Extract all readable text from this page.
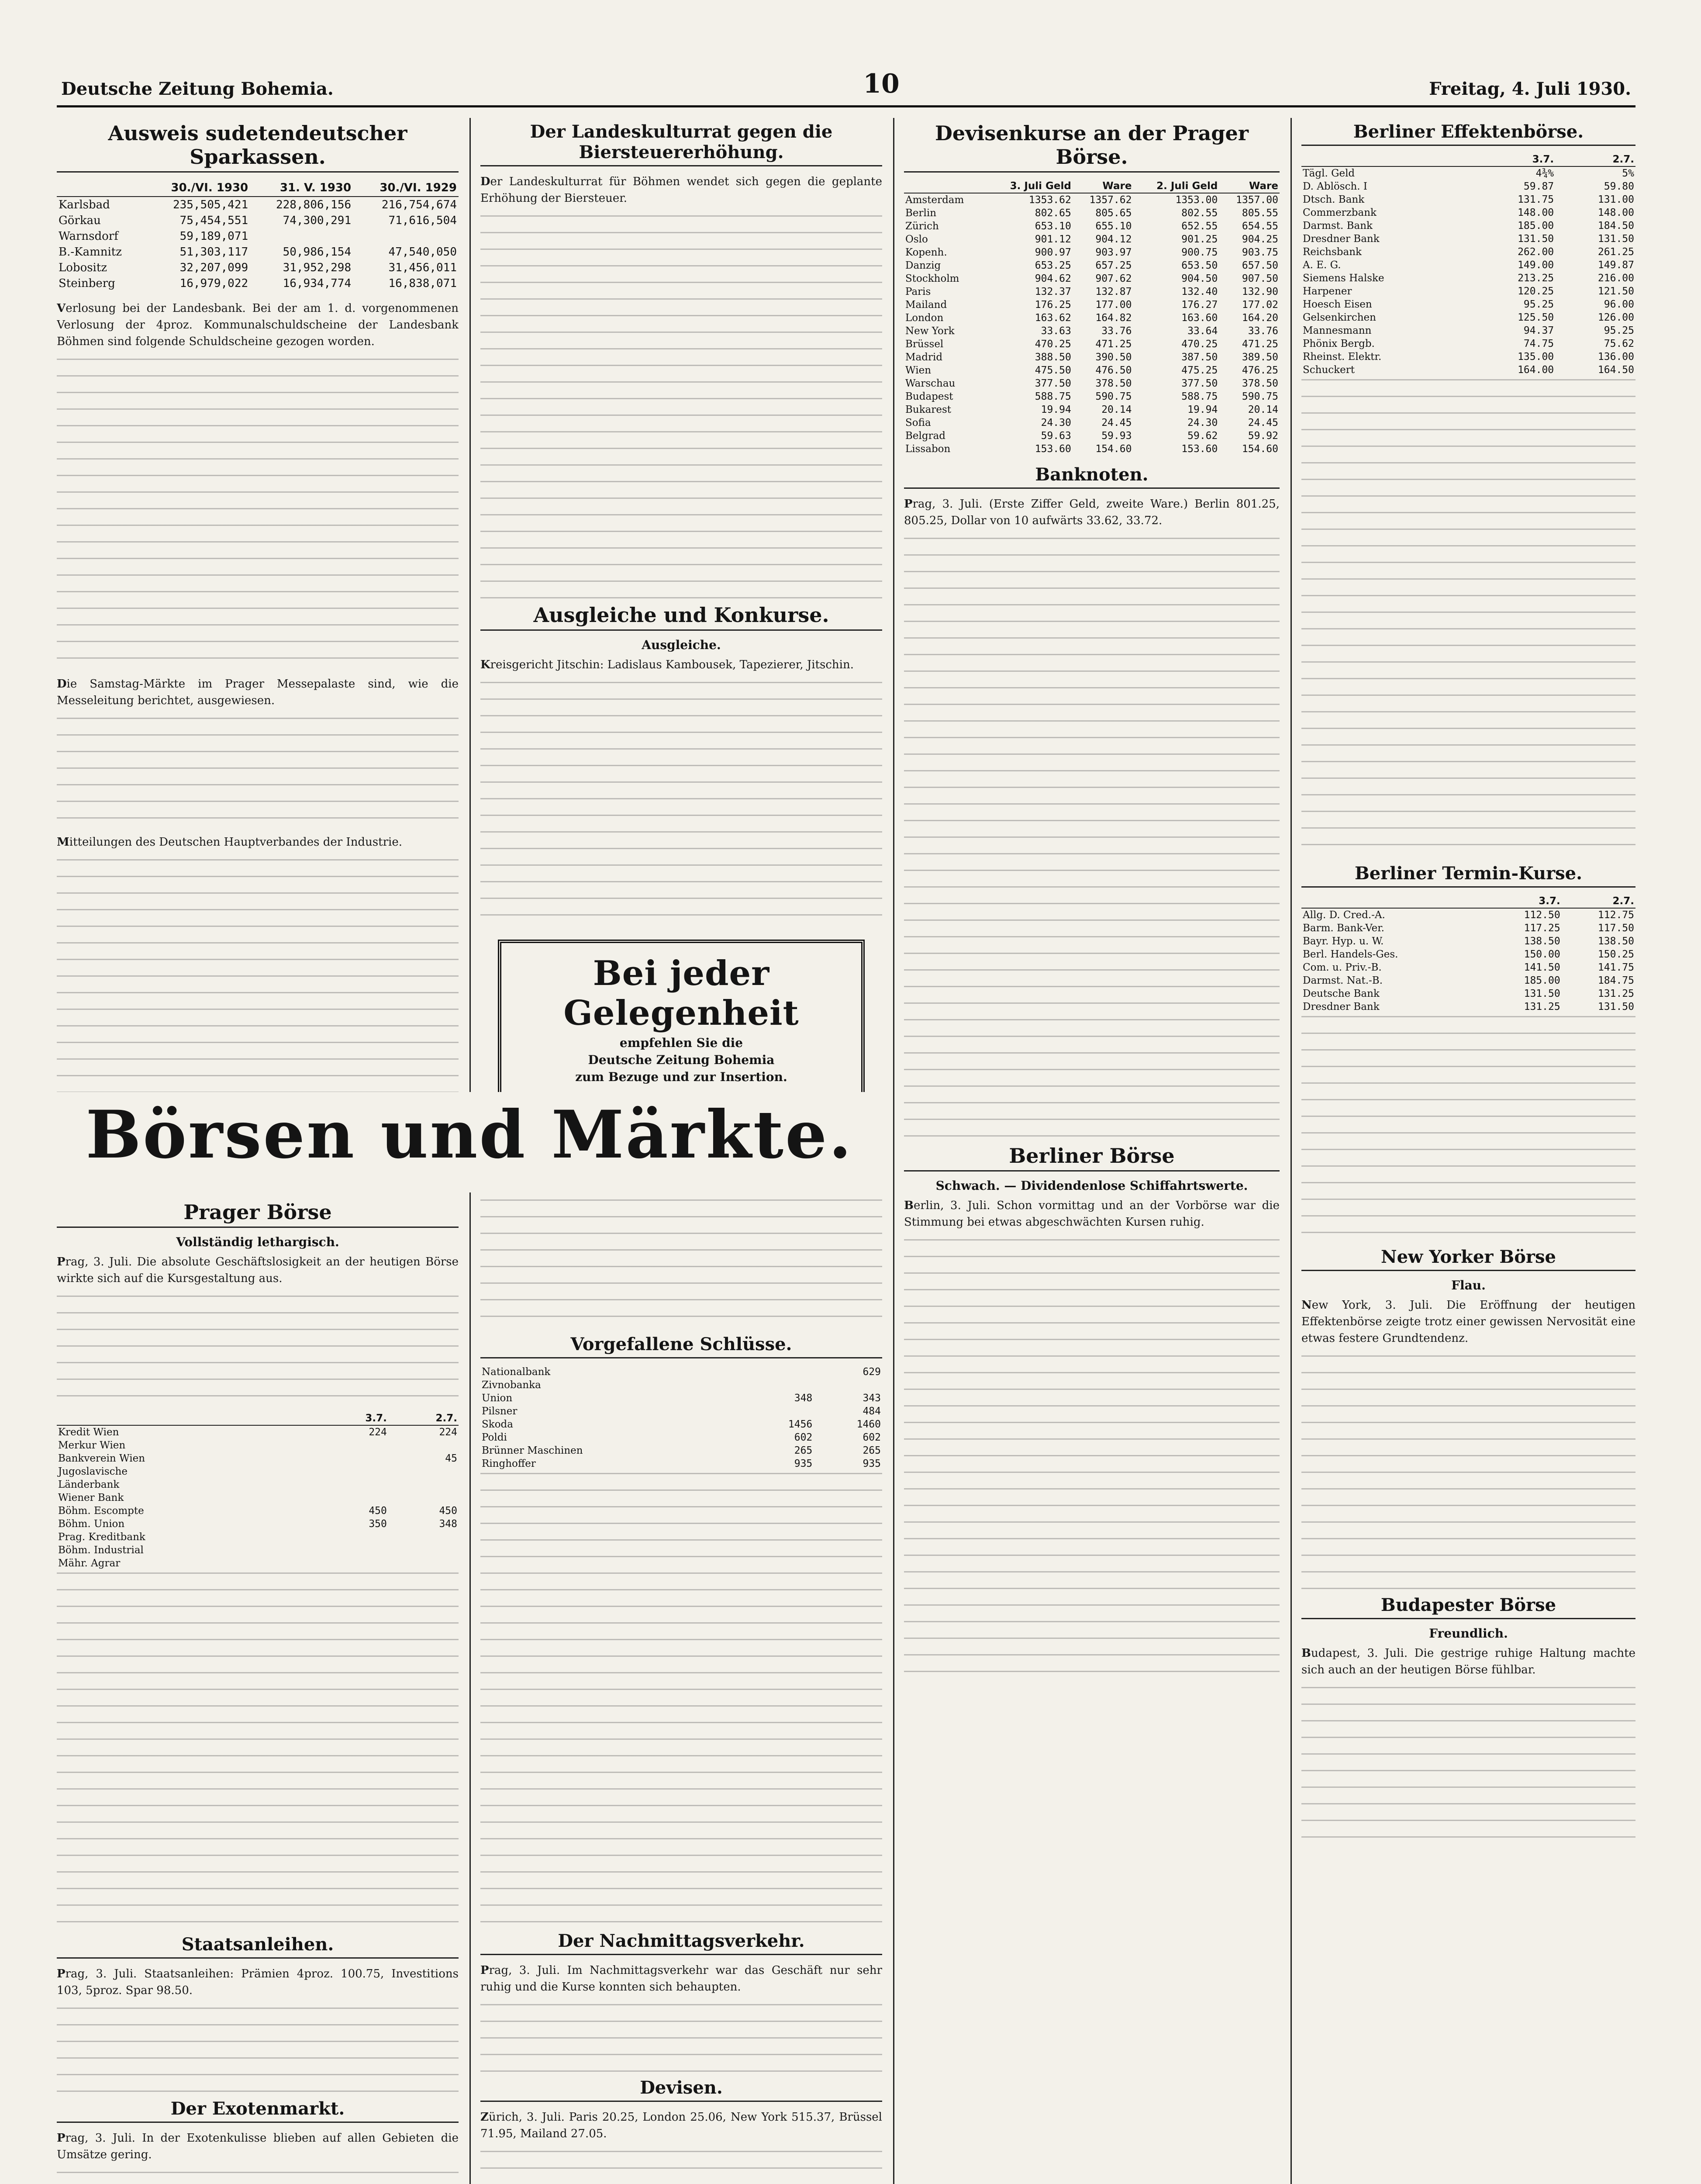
Deutsche Zeitung Bohemia.	10	Freitag, 4. Juli 1930.
Ausweis sudetendeutscher Sparkassen.
	30./VI. 1930	31. V. 1930	30./VI. 1929
Karlsbad	235,505,421	228,806,156	216,754,674
Görkau	75,454,551	74,300,291	71,616,504
Warnsdorf	59,189,071		
B.-Kamnitz	51,303,117	50,986,154	47,540,050
Lobositz	32,207,099	31,952,298	31,456,011
Steinberg	16,979,022	16,934,774	16,838,071

Verlosung bei der Landesbank. Bei der am 1. d. vorgenommenen Verlosung der 4proz. Kommunalschuldscheine der Landesbank Böhmen sind folgende Schuldscheine gezogen worden.

Die Samstag-Märkte im Prager Messepalaste sind, wie die Messeleitung berichtet, ausgewiesen.

Mitteilungen des Deutschen Hauptverbandes der Industrie.

Der Landeskulturrat gegen die Biersteuererhöhung.

Der Landeskulturrat für Böhmen wendet sich gegen die geplante Erhöhung der Biersteuer.

Ausgleiche und Konkurse.
Ausgleiche.

Kreisgericht Jitschin: Ladislaus Kambousek, Tapezierer, Jitschin.

Bei jeder Gelegenheit
empfehlen Sie die
Deutsche Zeitung Bohemia
zum Bezuge und zur Insertion.
Börsen und Märkte.
Prager Börse
Vollständig lethargisch.

Prag, 3. Juli. Die absolute Geschäftslosigkeit an der heutigen Börse wirkte sich auf die Kursgestaltung aus.

	3.7.	2.7.
Kredit Wien	224	224
Merkur Wien		
Bankverein Wien		45
Jugoslavische		
Länderbank		
Wiener Bank		
Böhm. Escompte	450	450
Böhm. Union	350	348
Prag. Kreditbank		
Böhm. Industrial		
Mähr. Agrar		
Staatsanleihen.

Prag, 3. Juli. Staatsanleihen: Prämien 4proz. 100.75, Investitions 103, 5proz. Spar 98.50.

Der Exotenmarkt.

Prag, 3. Juli. In der Exotenkulisse blieben auf allen Gebieten die Umsätze gering.

Vorgefallene Schlüsse.
Nationalbank		629
Zivnobanka		
Union	348	343
Pilsner		484
Skoda	1456	1460
Poldi	602	602
Brünner Maschinen	265	265
Ringhoffer	935	935
Der Nachmittagsverkehr.

Prag, 3. Juli. Im Nachmittagsverkehr war das Geschäft nur sehr ruhig und die Kurse konnten sich behaupten.

Devisen.

Zürich, 3. Juli. Paris 20.25, London 25.06, New York 515.37, Brüssel 71.95, Mailand 27.05.

Devisenkurse an der Prager Börse.
	3. Juli Geld	Ware	2. Juli Geld	Ware
Amsterdam	1353.62	1357.62	1353.00	1357.00
Berlin	802.65	805.65	802.55	805.55
Zürich	653.10	655.10	652.55	654.55
Oslo	901.12	904.12	901.25	904.25
Kopenh.	900.97	903.97	900.75	903.75
Danzig	653.25	657.25	653.50	657.50
Stockholm	904.62	907.62	904.50	907.50
Paris	132.37	132.87	132.40	132.90
Mailand	176.25	177.00	176.27	177.02
London	163.62	164.82	163.60	164.20
New York	33.63	33.76	33.64	33.76
Brüssel	470.25	471.25	470.25	471.25
Madrid	388.50	390.50	387.50	389.50
Wien	475.50	476.50	475.25	476.25
Warschau	377.50	378.50	377.50	378.50
Budapest	588.75	590.75	588.75	590.75
Bukarest	19.94	20.14	19.94	20.14
Sofia	24.30	24.45	24.30	24.45
Belgrad	59.63	59.93	59.62	59.92
Lissabon	153.60	154.60	153.60	154.60
Banknoten.

Prag, 3. Juli. (Erste Ziffer Geld, zweite Ware.) Berlin 801.25, 805.25, Dollar von 10 aufwärts 33.62, 33.72.

Berliner Börse
Schwach. — Dividendenlose Schiffahrtswerte.

Berlin, 3. Juli. Schon vormittag und an der Vorbörse war die Stimmung bei etwas abgeschwächten Kursen ruhig.

Berliner Effektenbörse.
	3.7.	2.7.
Tägl. Geld	4¾%	5%
D. Ablösch. I	59.87	59.80
Dtsch. Bank	131.75	131.00
Commerzbank	148.00	148.00
Darmst. Bank	185.00	184.50
Dresdner Bank	131.50	131.50
Reichsbank	262.00	261.25
A. E. G.	149.00	149.87
Siemens Halske	213.25	216.00
Harpener	120.25	121.50
Hoesch Eisen	95.25	96.00
Gelsenkirchen	125.50	126.00
Mannesmann	94.37	95.25
Phönix Bergb.	74.75	75.62
Rheinst. Elektr.	135.00	136.00
Schuckert	164.00	164.50
Berliner Termin-Kurse.
	3.7.	2.7.
Allg. D. Cred.-A.	112.50	112.75
Barm. Bank-Ver.	117.25	117.50
Bayr. Hyp. u. W.	138.50	138.50
Berl. Handels-Ges.	150.00	150.25
Com. u. Priv.-B.	141.50	141.75
Darmst. Nat.-B.	185.00	184.75
Deutsche Bank	131.50	131.25
Dresdner Bank	131.25	131.50
New Yorker Börse
Flau.

New York, 3. Juli. Die Eröffnung der heutigen Effektenbörse zeigte trotz einer gewissen Nervosität eine etwas festere Grundtendenz.

Budapester Börse
Freundlich.

Budapest, 3. Juli. Die gestrige ruhige Haltung machte sich auch an der heutigen Börse fühlbar.
